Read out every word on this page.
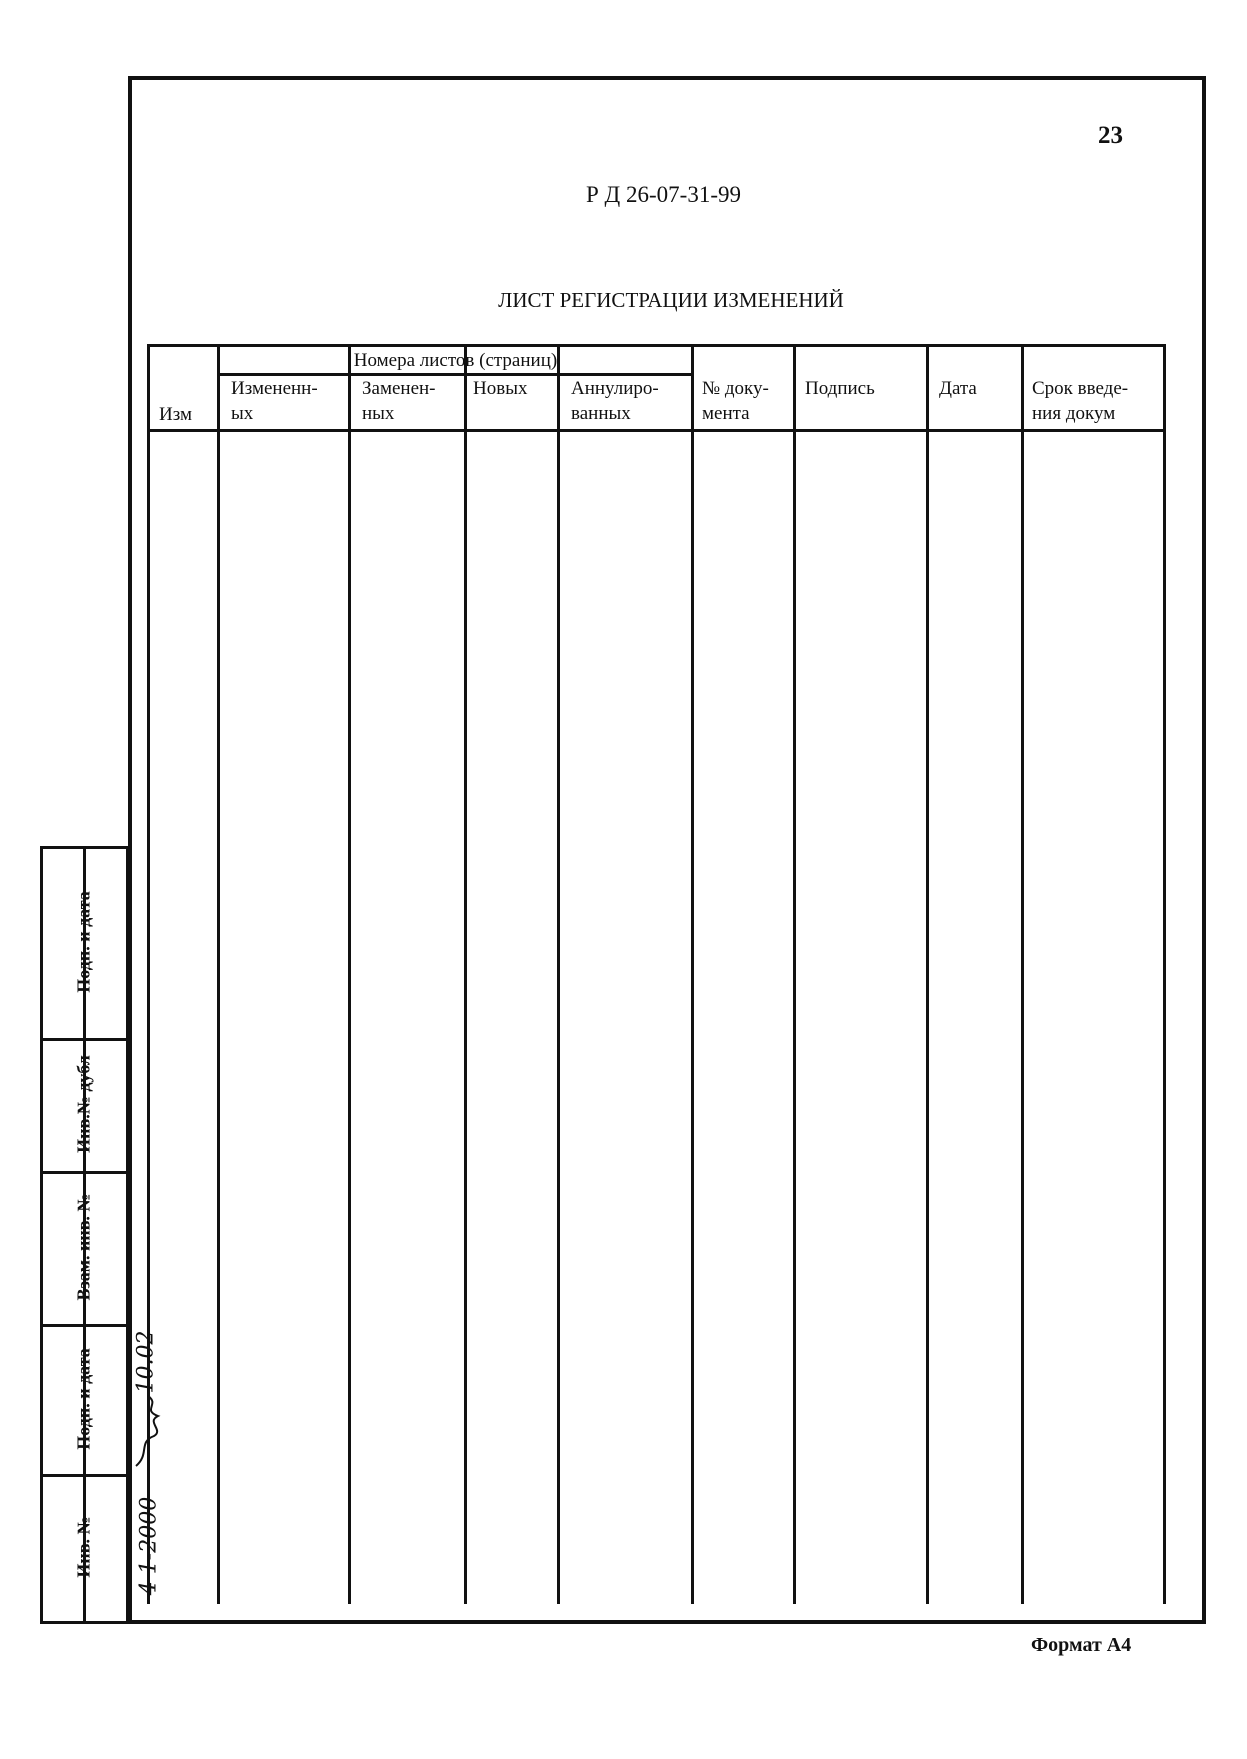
23
Р Д 26-07-31-99
ЛИСТ РЕГИСТРАЦИИ ИЗМЕНЕНИЙ
Номера листов (страниц)
Изм
Измененн-
ых
Заменен-
ных
Новых Аннулиро-
ванных
№ доку-
мента
Подпись	Дата	Срок введе-
ния докум
Подп. и дата
Инв.№ дубл
Взам. инв. №
Подп. и дата
Инв. №
10.02
4 1-2000
Формат А4
